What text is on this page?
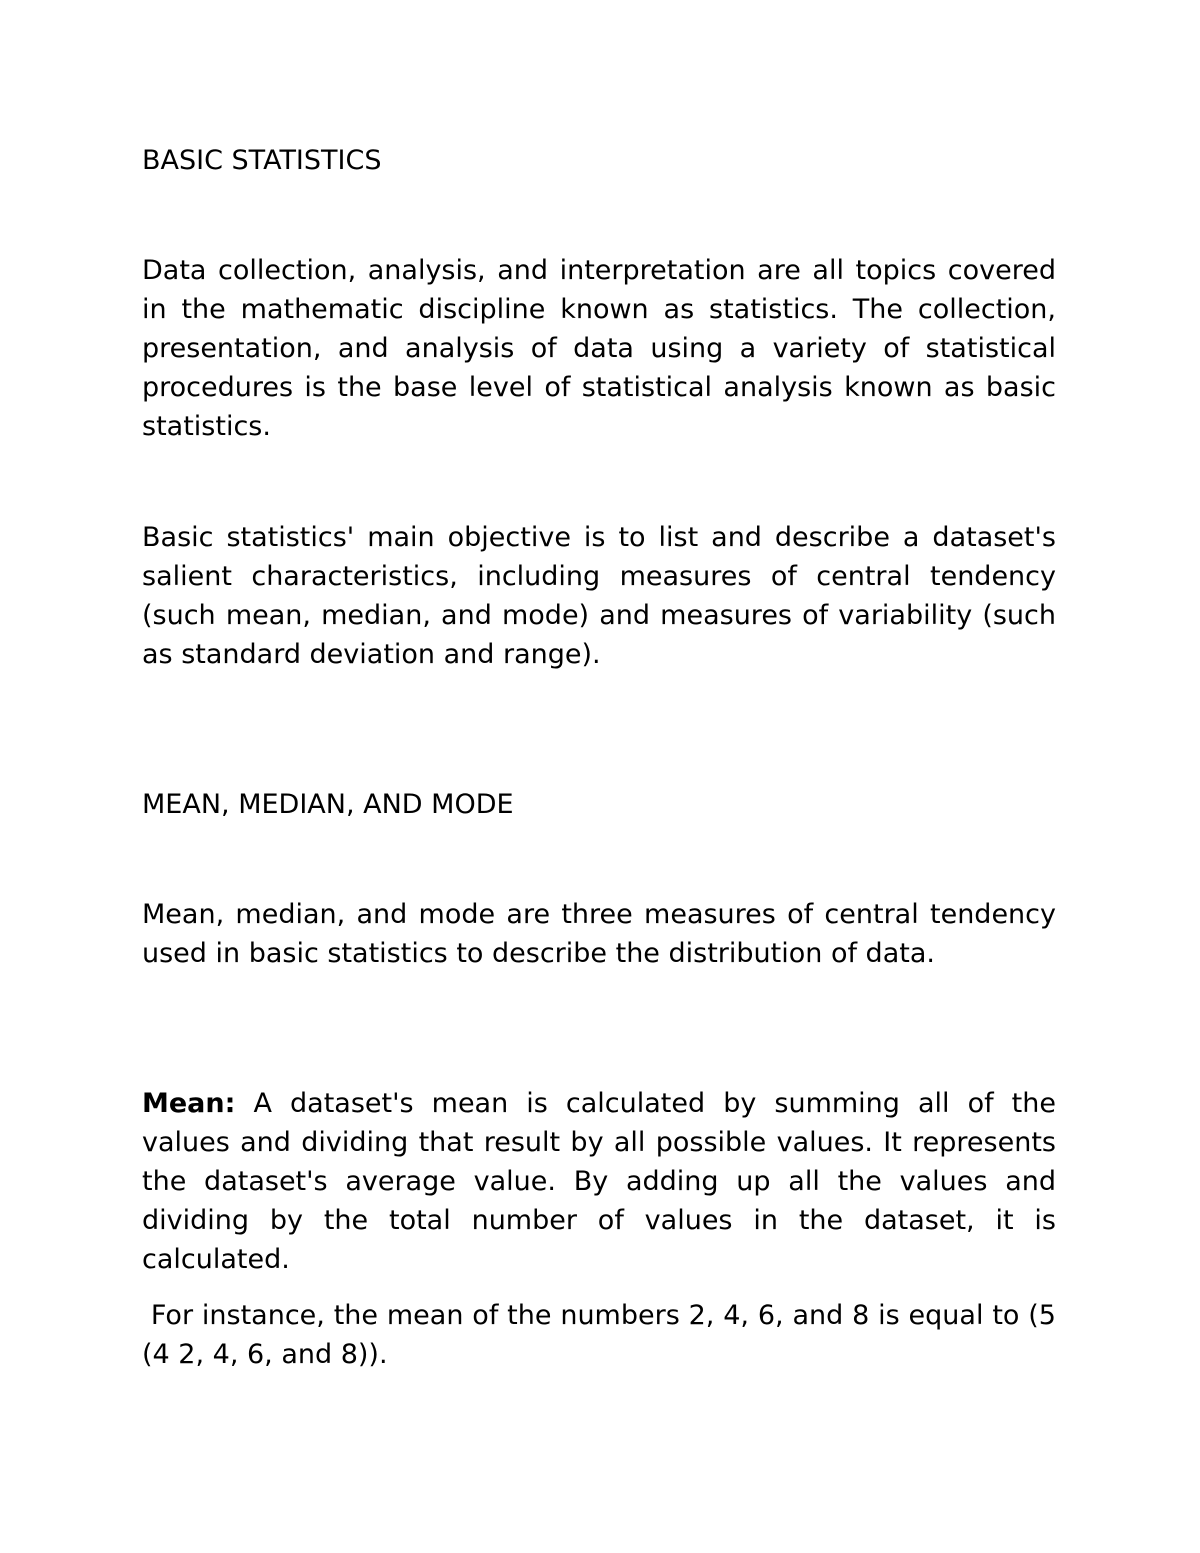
BASIC STATISTICS

Data collection, analysis, and interpretation are all topics covered in the mathematic discipline known as statistics. The collection, presentation, and analysis of data using a variety of statistical procedures is the base level of statistical analysis known as basic statistics.

Basic statistics' main objective is to list and describe a dataset's salient characteristics, including measures of central tendency (such mean, median, and mode) and measures of variability (such as standard deviation and range).

MEAN, MEDIAN, AND MODE

Mean, median, and mode are three measures of central tendency used in basic statistics to describe the distribution of data.

Mean: A dataset's mean is calculated by summing all of the values and dividing that result by all possible values. It represents the dataset's average value. By adding up all the values and dividing by the total number of values in the dataset, it is calculated.

For instance, the mean of the numbers 2, 4, 6, and 8 is equal to (5 (4 2, 4, 6, and 8)).
